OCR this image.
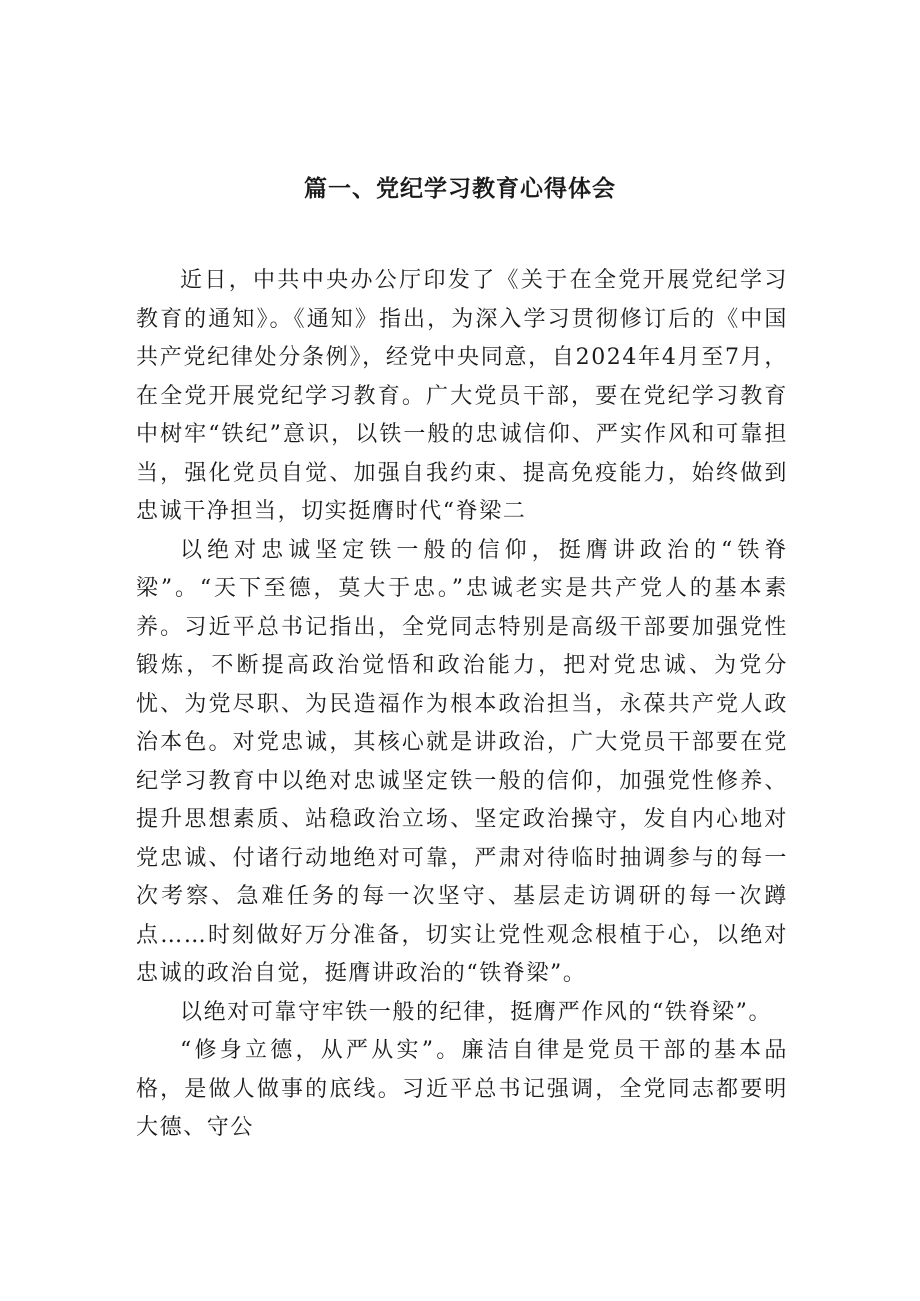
篇一、党纪学习教育心得体会

近日，中共中央办公厅印发了《关于在全党开展党纪学习教育的通知》。《通知》指出，为深入学习贯彻修订后的《中国共产党纪律处分条例》，经党中央同意，自2024年4月至7月，在全党开展党纪学习教育。广大党员干部，要在党纪学习教育中树牢“铁纪”意识，以铁一般的忠诚信仰、严实作风和可靠担当，强化党员自觉、加强自我约束、提高免疫能力，始终做到忠诚干净担当，切实挺膺时代“脊梁二

以绝对忠诚坚定铁一般的信仰，挺膺讲政治的“铁脊梁”。“天下至德，莫大于忠。”忠诚老实是共产党人的基本素养。习近平总书记指出，全党同志特别是高级干部要加强党性锻炼，不断提高政治觉悟和政治能力，把对党忠诚、为党分忧、为党尽职、为民造福作为根本政治担当，永葆共产党人政治本色。对党忠诚，其核心就是讲政治，广大党员干部要在党纪学习教育中以绝对忠诚坚定铁一般的信仰，加强党性修养、提升思想素质、站稳政治立场、坚定政治操守，发自内心地对党忠诚、付诸行动地绝对可靠，严肃对待临时抽调参与的每一次考察、急难任务的每一次坚守、基层走访调研的每一次蹲点……时刻做好万分准备，切实让党性观念根植于心，以绝对忠诚的政治自觉，挺膺讲政治的“铁脊梁”。

以绝对可靠守牢铁一般的纪律，挺膺严作风的“铁脊梁”。

“修身立德，从严从实”。廉洁自律是党员干部的基本品格，是做人做事的底线。习近平总书记强调，全党同志都要明大德、守公
